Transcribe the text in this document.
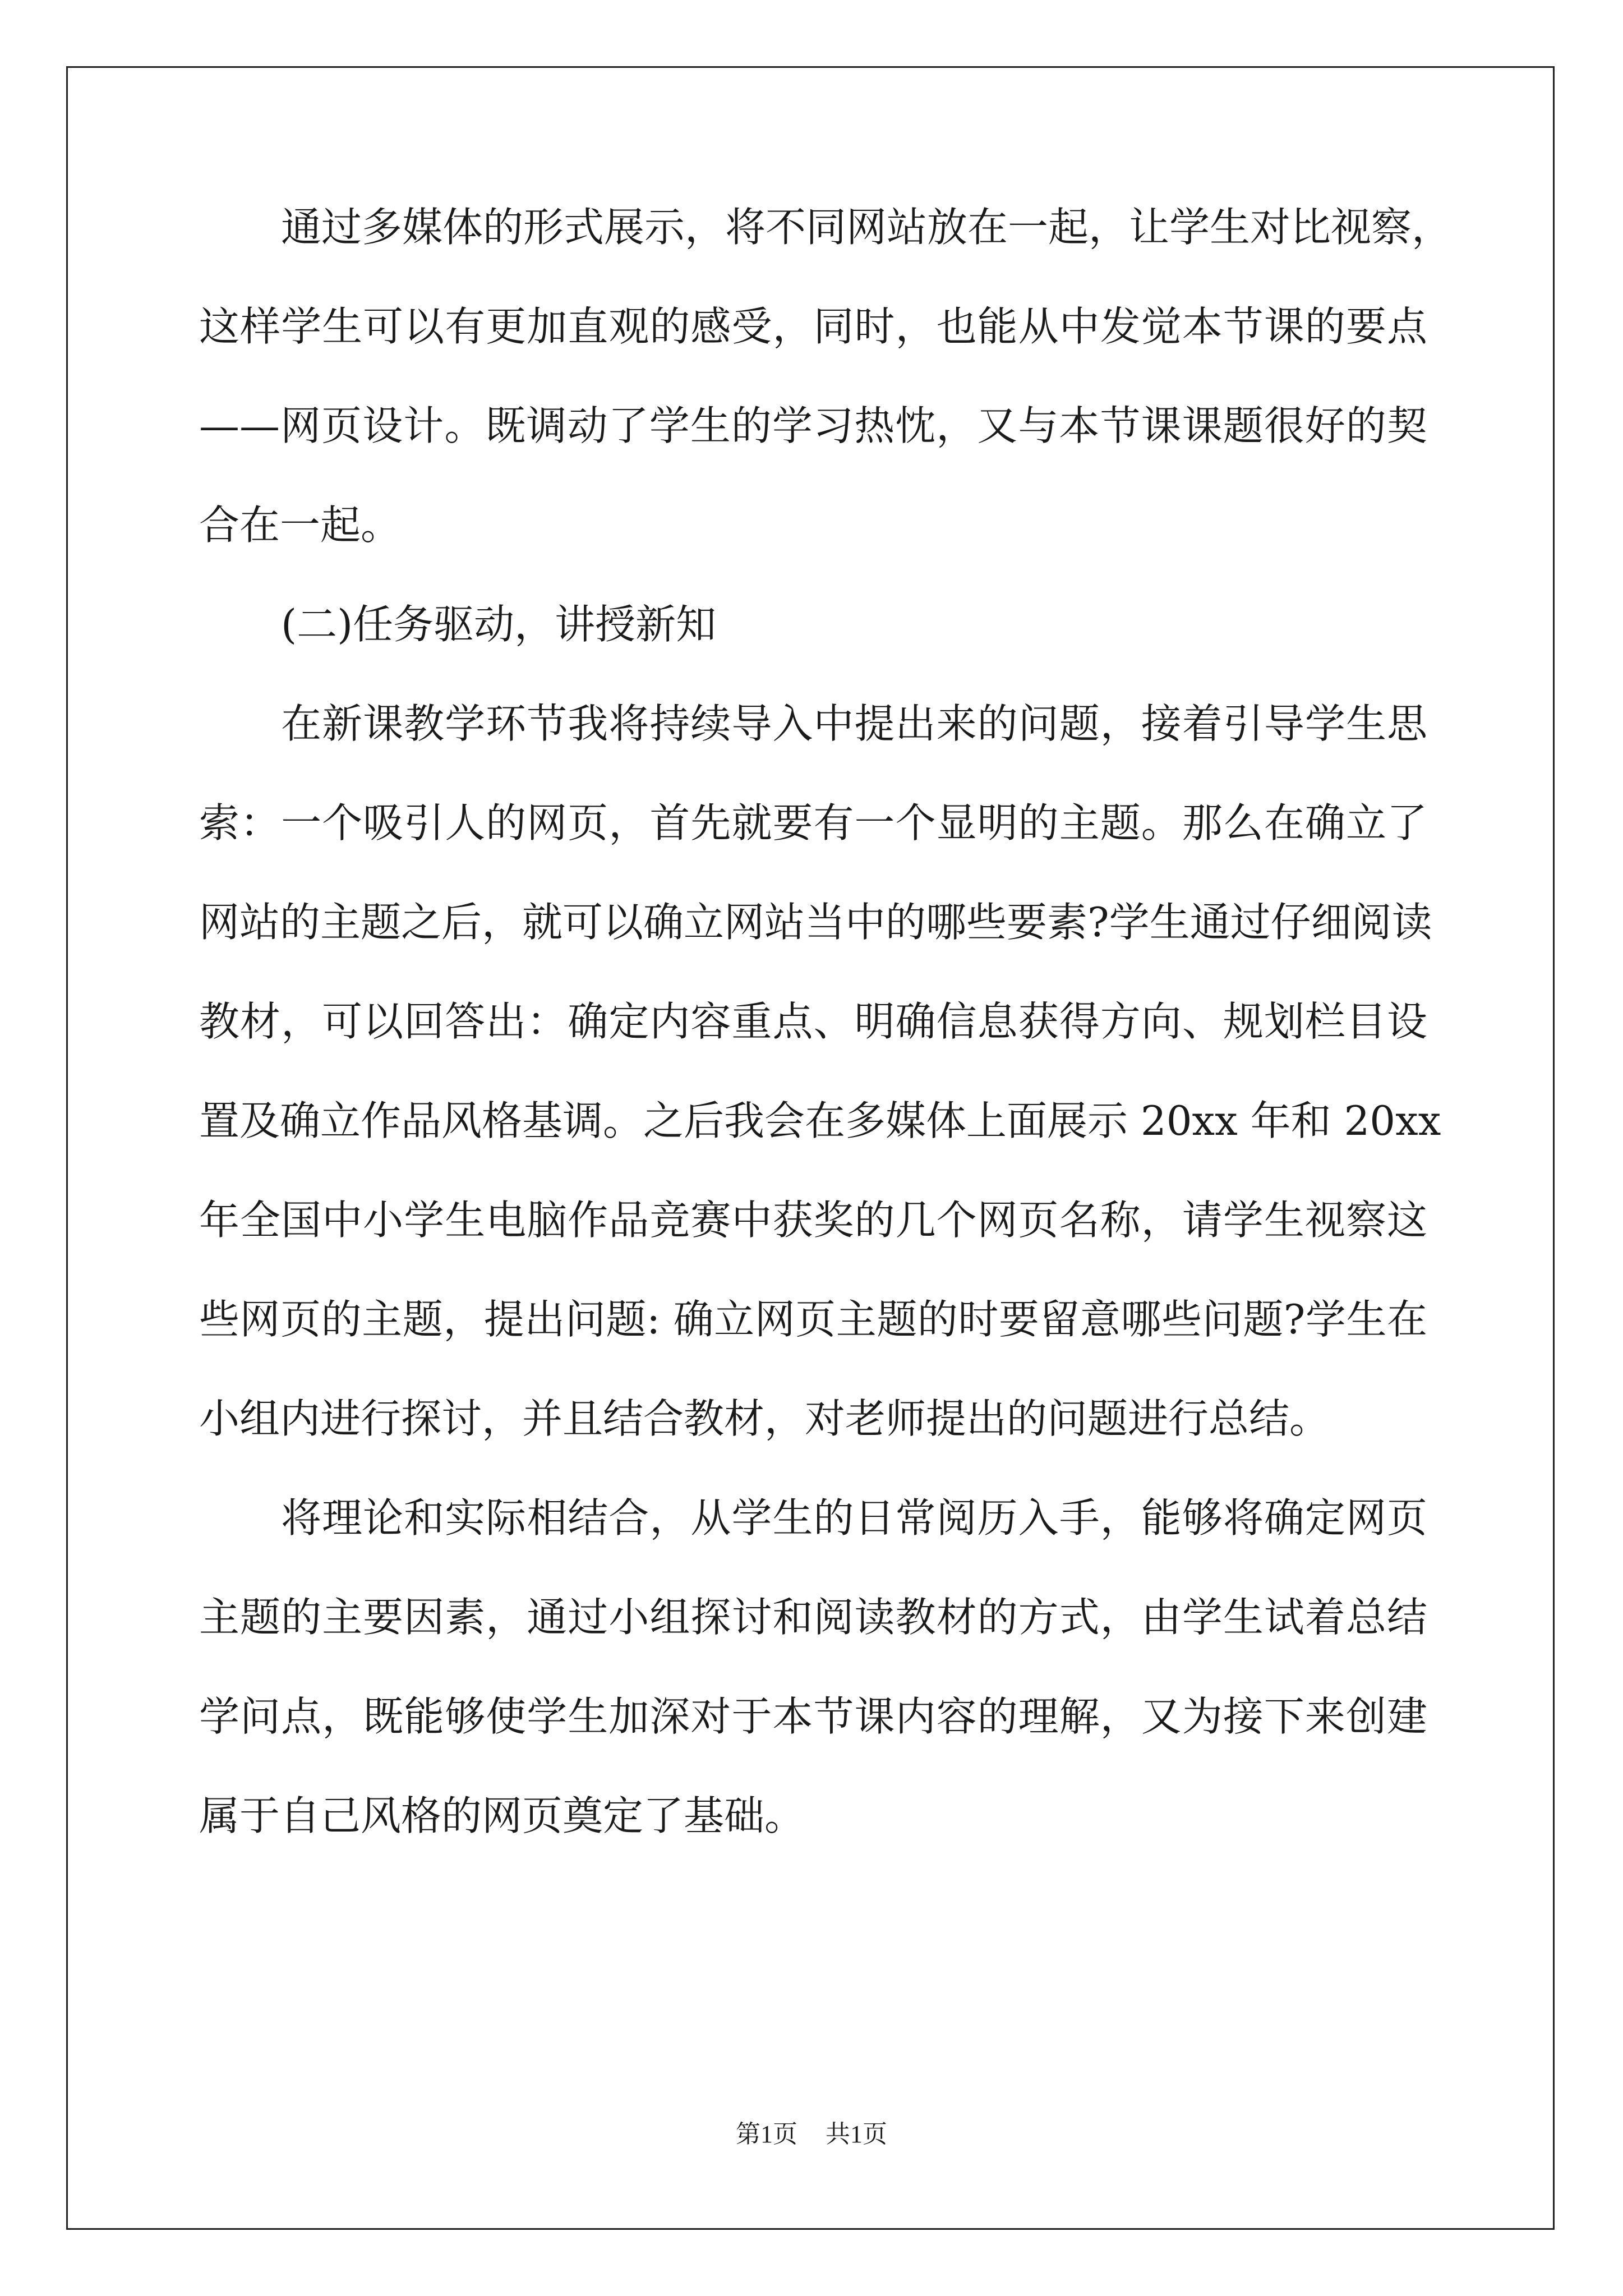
通过多媒体的形式展示，将不同网站放在一起，让学生对比视察，
这样学生可以有更加直观的感受，同时，也能从中发觉本节课的要点
——网页设计。既调动了学生的学习热忱，又与本节课课题很好的契
合在一起。
(二)任务驱动，讲授新知
在新课教学环节我将持续导入中提出来的问题，接着引导学生思
索：一个吸引人的网页，首先就要有一个显明的主题。那么在确立了
网站的主题之后，就可以确立网站当中的哪些要素?学生通过仔细阅读
教材，可以回答出：确定内容重点、明确信息获得方向、规划栏目设
置及确立作品风格基调。之后我会在多媒体上面展示 20xx 年和 20xx
年全国中小学生电脑作品竞赛中获奖的几个网页名称，请学生视察这
些网页的主题，提出问题: 确立网页主题的时要留意哪些问题?学生在
小组内进行探讨，并且结合教材，对老师提出的问题进行总结。
将理论和实际相结合，从学生的日常阅历入手，能够将确定网页
主题的主要因素，通过小组探讨和阅读教材的方式，由学生试着总结
学问点，既能够使学生加深对于本节课内容的理解，又为接下来创建
属于自己风格的网页奠定了基础。
第1页 共1页
